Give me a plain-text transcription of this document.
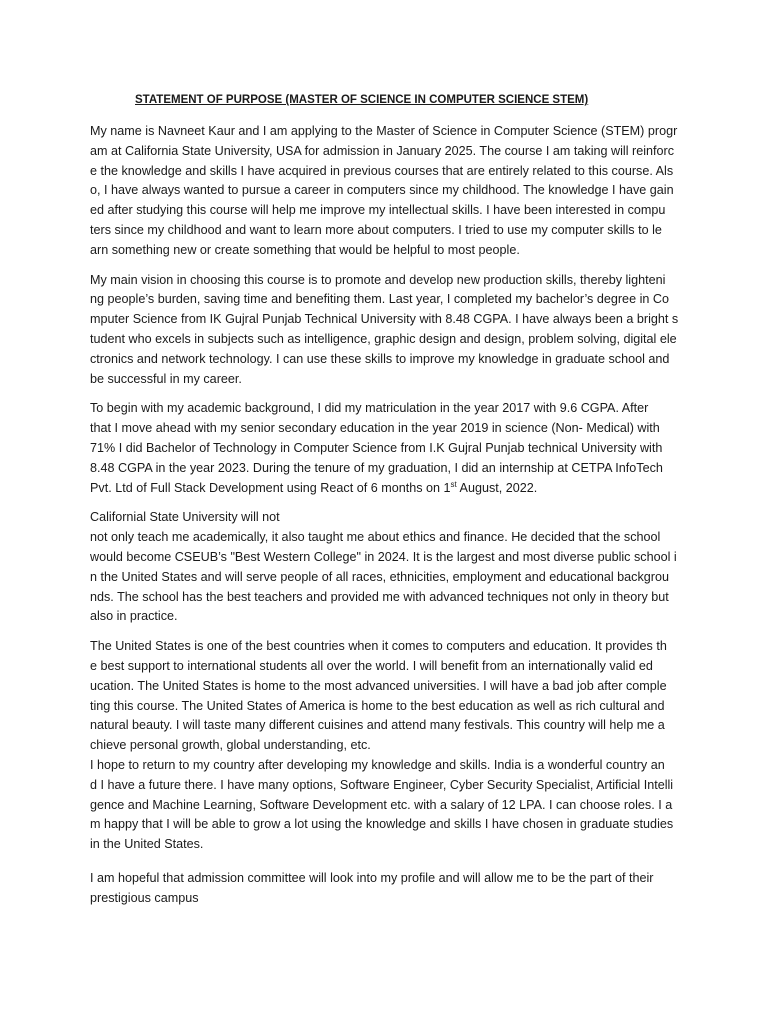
STATEMENT OF PURPOSE (MASTER OF SCIENCE IN COMPUTER SCIENCE STEM)
My name is Navneet Kaur and I am applying to the Master of Science in Computer Science (STEM) progr
am at California State University, USA for admission in January 2025. The course I am taking will reinforc
e the knowledge and skills I have acquired in previous courses that are entirely related to this course. Als
o, I have always wanted to pursue a career in computers since my childhood. The knowledge I have gain
ed after studying this course will help me improve my intellectual skills. I have been interested in compu
ters since my childhood and want to learn more about computers. I tried to use my computer skills to le
arn something new or create something that would be helpful to most people.
My main vision in choosing this course is to promote and develop new production skills, thereby lighteni
ng people’s burden, saving time and benefiting them. Last year, I completed my bachelor’s degree in Co
mputer Science from IK Gujral Punjab Technical University with 8.48 CGPA. I have always been a bright s
tudent who excels in subjects such as intelligence, graphic design and design, problem solving, digital ele
ctronics and network technology. I can use these skills to improve my knowledge in graduate school and
be successful in my career.
To begin with my academic background, I did my matriculation in the year 2017 with 9.6 CGPA. After
that I move ahead with my senior secondary education in the year 2019 in science (Non- Medical) with
71% I did Bachelor of Technology in Computer Science from I.K Gujral Punjab technical University with
8.48 CGPA in the year 2023. During the tenure of my graduation, I did an internship at CETPA InfoTech
Pvt. Ltd of Full Stack Development using React of 6 months on 1st August, 2022.
Californial State University will not
not only teach me academically, it also taught me about ethics and finance. He decided that the school
would become CSEUB’s "Best Western College" in 2024. It is the largest and most diverse public school i
n the United States and will serve people of all races, ethnicities, employment and educational backgrou
nds. The school has the best teachers and provided me with advanced techniques not only in theory but
also in practice.
The United States is one of the best countries when it comes to computers and education. It provides th
e best support to international students all over the world. I will benefit from an internationally valid ed
ucation. The United States is home to the most advanced universities. I will have a bad job after comple
ting this course. The United States of America is home to the best education as well as rich cultural and
natural beauty. I will taste many different cuisines and attend many festivals. This country will help me a
chieve personal growth, global understanding, etc.
I hope to return to my country after developing my knowledge and skills. India is a wonderful country an
d I have a future there. I have many options, Software Engineer, Cyber Security Specialist, Artificial Intelli
gence and Machine Learning, Software Development etc. with a salary of 12 LPA. I can choose roles. I a
m happy that I will be able to grow a lot using the knowledge and skills I have chosen in graduate studies
in the United States.
I am hopeful that admission committee will look into my profile and will allow me to be the part of their
prestigious campus
